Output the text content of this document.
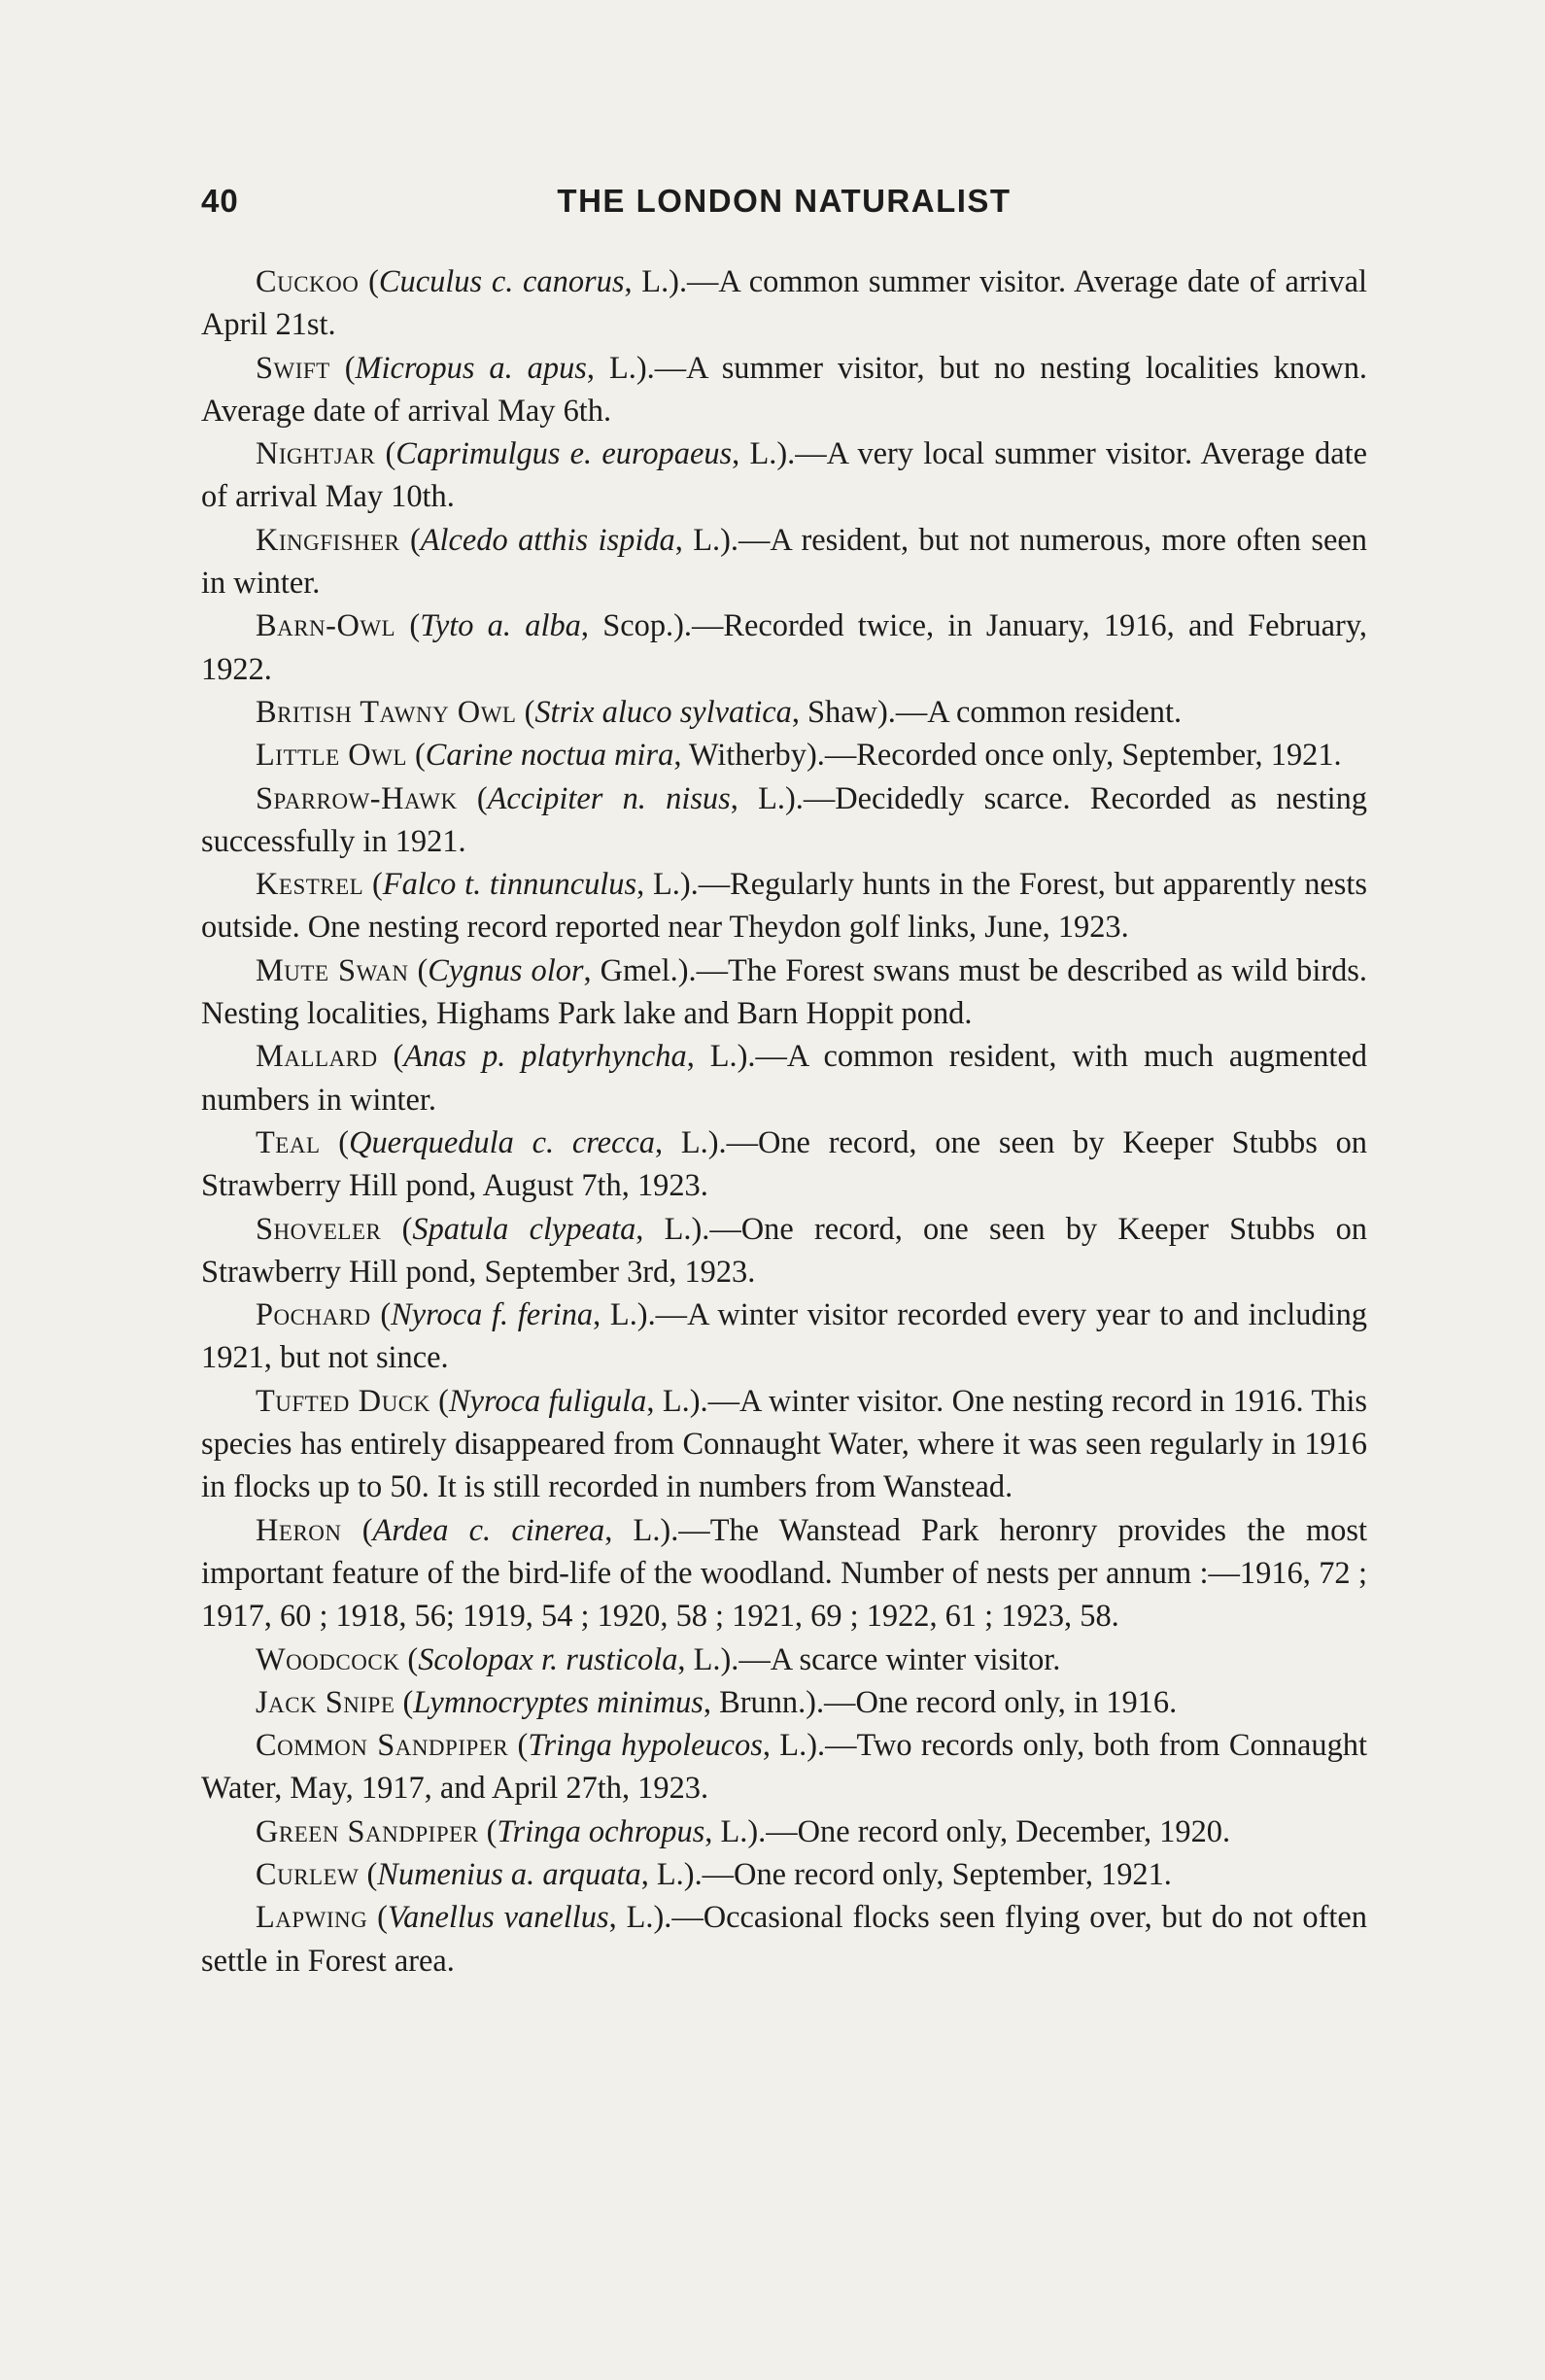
40	THE LONDON NATURALIST

Cuckoo (Cuculus c. canorus, L.).—A common summer visitor. Average date of arrival April 21st.

Swift (Micropus a. apus, L.).—A summer visitor, but no nesting localities known. Average date of arrival May 6th.

Nightjar (Caprimulgus e. europaeus, L.).—A very local summer visitor. Average date of arrival May 10th.

Kingfisher (Alcedo atthis ispida, L.).—A resident, but not numerous, more often seen in winter.

Barn-Owl (Tyto a. alba, Scop.).—Recorded twice, in January, 1916, and February, 1922.

British Tawny Owl (Strix aluco sylvatica, Shaw).—A common resident.

Little Owl (Carine noctua mira, Witherby).—Recorded once only, September, 1921.

Sparrow-Hawk (Accipiter n. nisus, L.).—Decidedly scarce. Recorded as nesting successfully in 1921.

Kestrel (Falco t. tinnunculus, L.).—Regularly hunts in the Forest, but apparently nests outside. One nesting record reported near Theydon golf links, June, 1923.

Mute Swan (Cygnus olor, Gmel.).—The Forest swans must be described as wild birds. Nesting localities, Highams Park lake and Barn Hoppit pond.

Mallard (Anas p. platyrhyncha, L.).—A common resident, with much augmented numbers in winter.

Teal (Querquedula c. crecca, L.).—One record, one seen by Keeper Stubbs on Strawberry Hill pond, August 7th, 1923.

Shoveler (Spatula clypeata, L.).—One record, one seen by Keeper Stubbs on Strawberry Hill pond, September 3rd, 1923.

Pochard (Nyroca f. ferina, L.).—A winter visitor recorded every year to and including 1921, but not since.

Tufted Duck (Nyroca fuligula, L.).—A winter visitor. One nesting record in 1916. This species has entirely disappeared from Connaught Water, where it was seen regularly in 1916 in flocks up to 50. It is still recorded in numbers from Wanstead.

Heron (Ardea c. cinerea, L.).—The Wanstead Park heronry provides the most important feature of the bird-life of the woodland. Number of nests per annum :—1916, 72 ; 1917, 60 ; 1918, 56; 1919, 54 ; 1920, 58 ; 1921, 69 ; 1922, 61 ; 1923, 58.

Woodcock (Scolopax r. rusticola, L.).—A scarce winter visitor.

Jack Snipe (Lymnocryptes minimus, Brunn.).—One record only, in 1916.

Common Sandpiper (Tringa hypoleucos, L.).—Two records only, both from Connaught Water, May, 1917, and April 27th, 1923.

Green Sandpiper (Tringa ochropus, L.).—One record only, December, 1920.

Curlew (Numenius a. arquata, L.).—One record only, September, 1921.

Lapwing (Vanellus vanellus, L.).—Occasional flocks seen flying over, but do not often settle in Forest area.
